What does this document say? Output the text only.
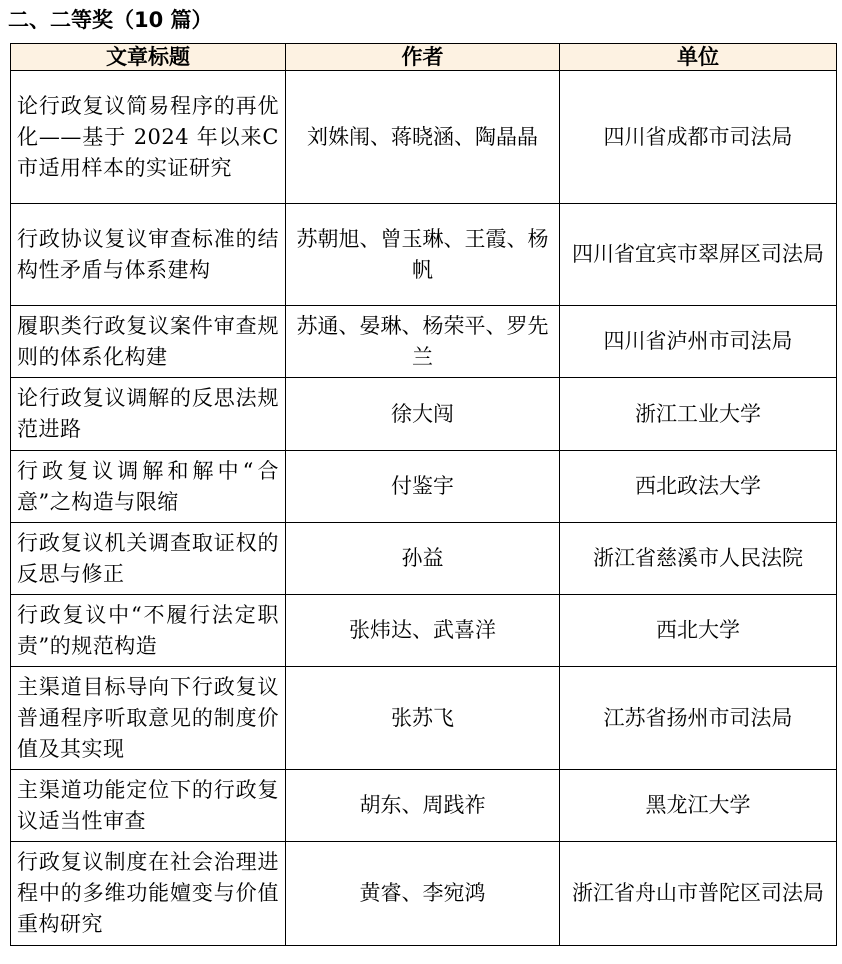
二、二等奖（10 篇）
文章标题	作者	单位
论行政复议简易程序的再优化——基于 2024 年以来C市适用样本的实证研究	刘姝闱、蒋晓涵、陶晶晶	四川省成都市司法局
行政协议复议审查标准的结构性矛盾与体系建构	苏朝旭、曾玉琳、王霞、杨帆	四川省宜宾市翠屏区司法局
履职类行政复议案件审查规则的体系化构建	苏通、晏琳、杨荣平、罗先兰	四川省泸州市司法局
论行政复议调解的反思法规范进路	徐大闯	浙江工业大学
行政复议调解和解中“合意”之构造与限缩	付鉴宇	西北政法大学
行政复议机关调查取证权的反思与修正	孙益	浙江省慈溪市人民法院
行政复议中“不履行法定职责”的规范构造	张炜达、武喜洋	西北大学
主渠道目标导向下行政复议普通程序听取意见的制度价值及其实现	张苏飞	江苏省扬州市司法局
主渠道功能定位下的行政复议适当性审查	胡东、周践祚	黑龙江大学
行政复议制度在社会治理进程中的多维功能嬗变与价值重构研究	黄睿、李宛鸿	浙江省舟山市普陀区司法局
